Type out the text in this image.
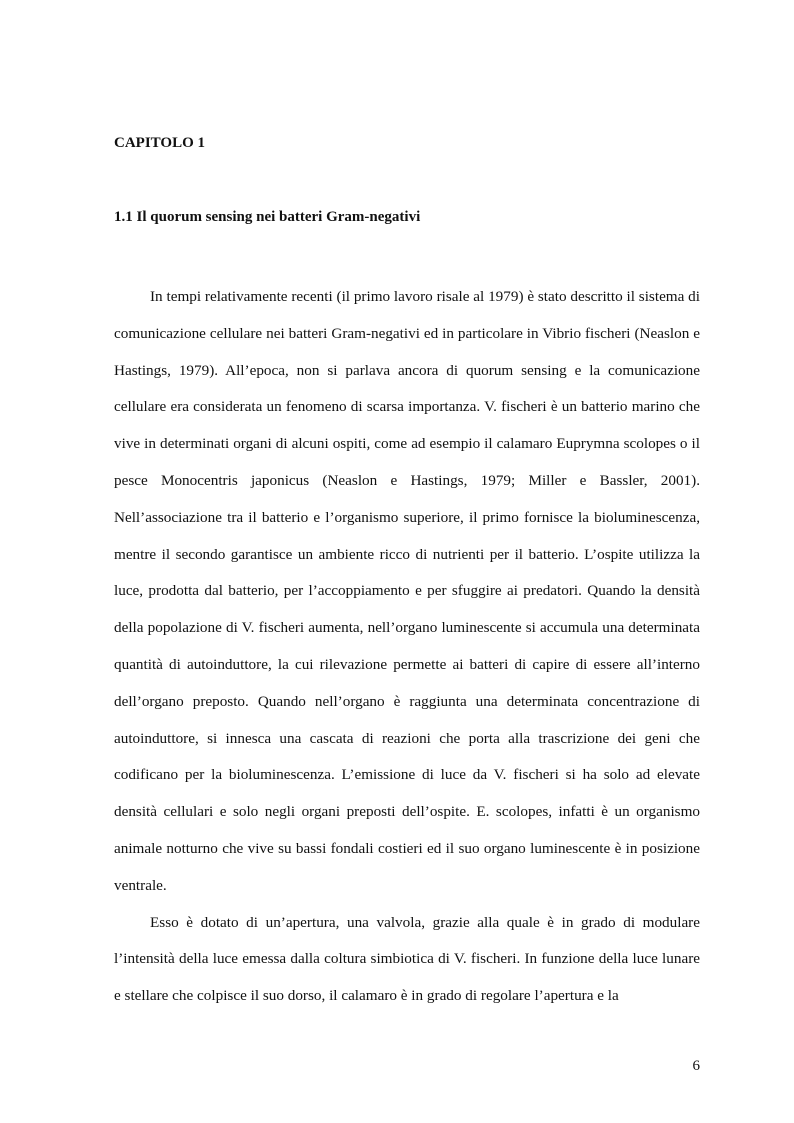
CAPITOLO 1
1.1 Il quorum sensing nei batteri Gram-negativi

In tempi relativamente recenti (il primo lavoro risale al 1979) è stato descritto il sistema di comunicazione cellulare nei batteri Gram-negativi ed in particolare in Vibrio fischeri (Neaslon e Hastings, 1979). All’epoca, non si parlava ancora di quorum sensing e la comunicazione cellulare era considerata un fenomeno di scarsa importanza. V. fischeri è un batterio marino che vive in determinati organi di alcuni ospiti, come ad esempio il calamaro Euprymna scolopes o il pesce Monocentris japonicus (Neaslon e Hastings, 1979; Miller e Bassler, 2001). Nell’associazione tra il batterio e l’organismo superiore, il primo fornisce la bioluminescenza, mentre il secondo garantisce un ambiente ricco di nutrienti per il batterio. L’ospite utilizza la luce, prodotta dal batterio, per l’accoppiamento e per sfuggire ai predatori. Quando la densità della popolazione di V. fischeri aumenta, nell’organo luminescente si accumula una determinata quantità di autoinduttore, la cui rilevazione permette ai batteri di capire di essere all’interno dell’organo preposto. Quando nell’organo è raggiunta una determinata concentrazione di autoinduttore, si innesca una cascata di reazioni che porta alla trascrizione dei geni che codificano per la bioluminescenza. L’emissione di luce da V. fischeri si ha solo ad elevate densità cellulari e solo negli organi preposti dell’ospite. E. scolopes, infatti è un organismo animale notturno che vive su bassi fondali costieri ed il suo organo luminescente è in posizione ventrale.

Esso è dotato di un’apertura, una valvola, grazie alla quale è in grado di modulare l’intensità della luce emessa dalla coltura simbiotica di V. fischeri. In funzione della luce lunare e stellare che colpisce il suo dorso, il calamaro è in grado di regolare l’apertura e la

6
